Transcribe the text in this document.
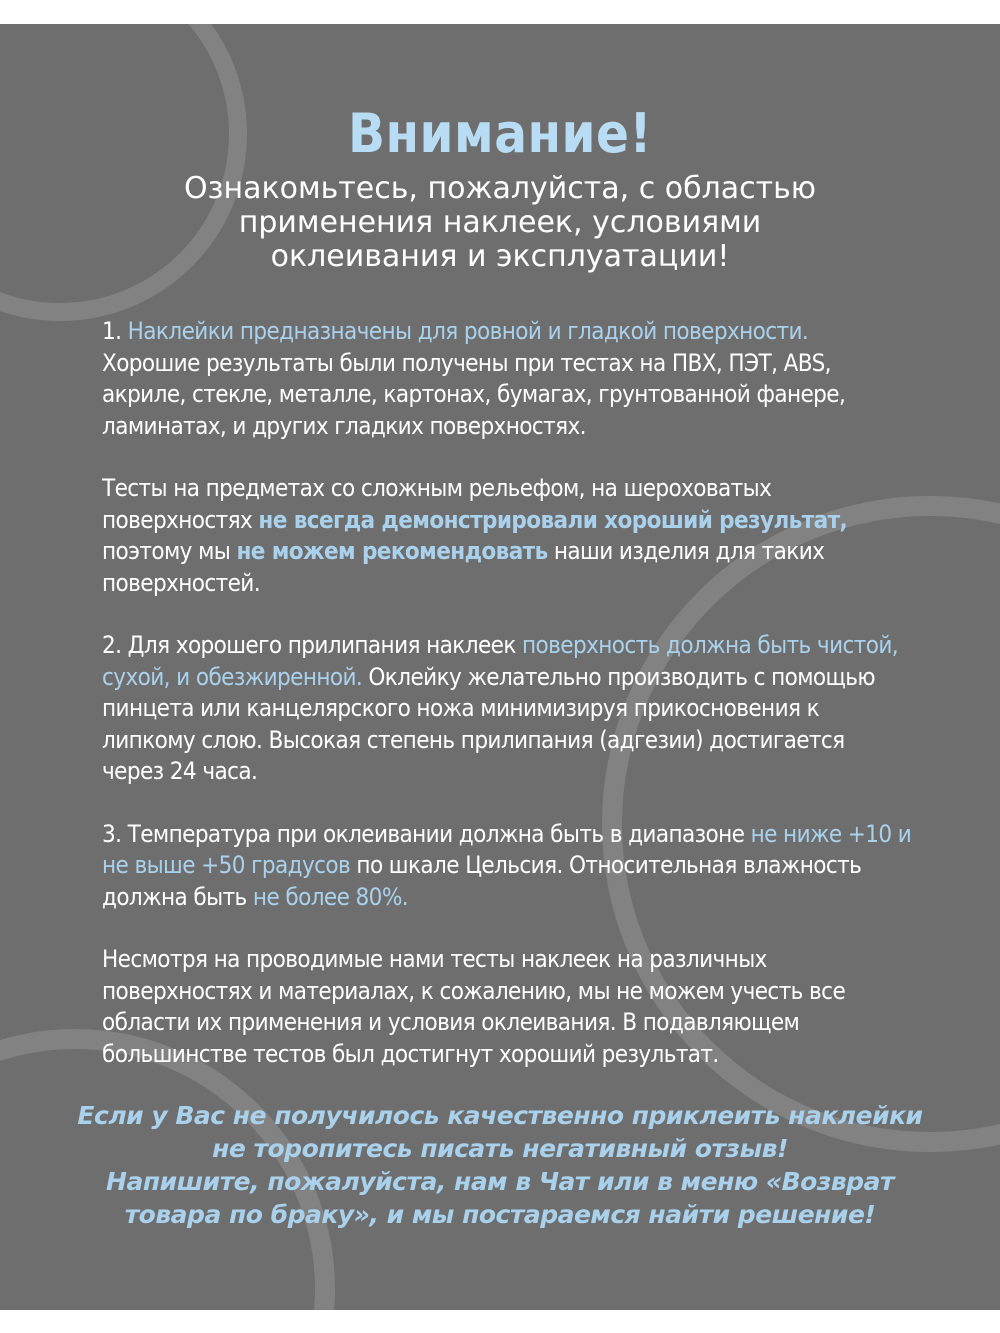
Внимание!
Ознакомьтесь, пожалуйста, с областью
применения наклеек, условиями
оклеивания и эксплуатации!

1. Наклейки предназначены для ровной и гладкой поверхности. Хорошие результаты были получены при тестах на ПВХ, ПЭТ, ABS, акриле, стекле, металле, картонах, бумагах, грунтованной фанере, ламинатах, и других гладких поверхностях.

Тесты на предметах со сложным рельефом, на шероховатых поверхностях не всегда демонстрировали хороший результат, поэтому мы не можем рекомендовать наши изделия для таких поверхностей.

2. Для хорошего прилипания наклеек поверхность должна быть чистой, сухой, и обезжиренной. Оклейку желательно производить с помощью пинцета или канцелярского ножа минимизируя прикосновения к липкому слою. Высокая степень прилипания (адгезии) достигается через 24 часа.

3. Температура при оклеивании должна быть в диапазоне не ниже +10 и не выше +50 градусов по шкале Цельсия. Относительная влажность должна быть не более 80%.

Несмотря на проводимые нами тесты наклеек на различных поверхностях и материалах, к сожалению, мы не можем учесть все области их применения и условия оклеивания. В подавляющем большинстве тестов был достигнут хороший результат.

Если у Вас не получилось качественно приклеить наклейки
не торопитесь писать негативный отзыв!
Напишите, пожалуйста, нам в Чат или в меню «Возврат
товара по браку», и мы постараемся найти решение!
